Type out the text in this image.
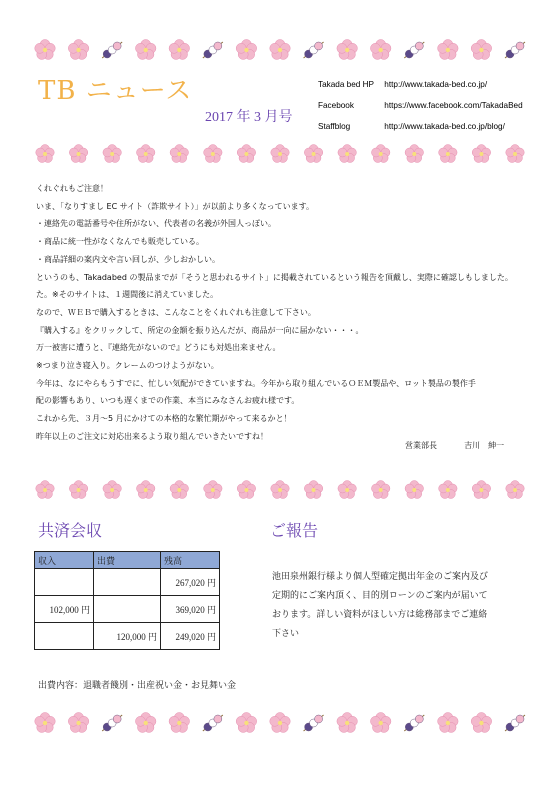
TB ニュース
2017 年 3 月号
Takada bed HP http://www.takada-bed.co.jp/
Facebook	https://www.facebook.com/TakadaBed
Staffblog	http://www.takada-bed.co.jp/blog/

くれぐれもご注意！

いま、「なりすまし EC サイト（詐欺サイト）」が以前より多くなっています。

・連絡先の電話番号や住所がない、代表者の名義が外国人っぽい。

・商品に統一性がなくなんでも販売している。

・商品詳細の案内文や言い回しが、少しおかしい。

というのも、Takadabed の製品までが「そうと思われるサイト」に掲載されているという報告を頂戴し、実際に確認しもしました。

た。※そのサイトは、１週間後に消えていました。

なので、ＷＥＢで購入するときは、こんなことをくれぐれも注意して下さい。

『購入する』をクリックして、所定の金額を振り込んだが、商品が一向に届かない・・・。

万一被害に遭うと、『連絡先がないので』どうにも対処出来ません。

※つまり泣き寝入り。クレームのつけようがない。

今年は、なにやらもうすでに、忙しい気配ができていますね。今年から取り組んでいるＯＥＭ製品や、ロット製品の製作手

配の影響もあり、いつも遅くまでの作業、本当にみなさんお疲れ様です。

これから先、３月～5 月にかけての本格的な繁忙期がやって来るかと！

昨年以上のご注文に対応出来るよう取り組んでいきたいですね！

営業部長	吉川　紳一
共済会収
収入	出費	残高
		267,020 円
102,000 円		369,020 円
	120,000 円	249,020 円
出費内容：退職者餞別・出産祝い金・お見舞い金
ご報告
池田泉州銀行様より個人型確定拠出年金のご案内及び
定期的にご案内頂く、目的別ローンのご案内が届いて
おります。詳しい資料がほしい方は総務部までご連絡
下さい
